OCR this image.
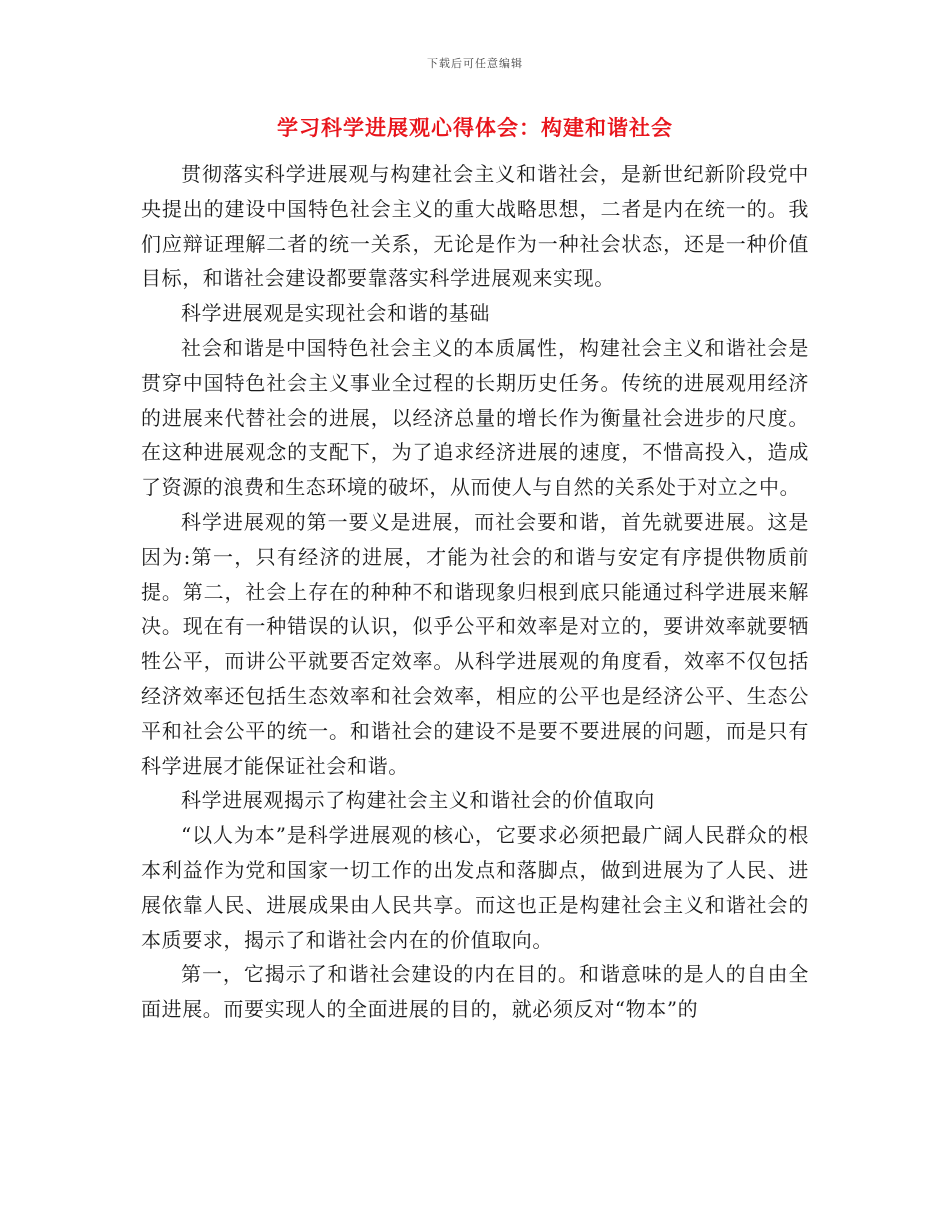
下载后可任意编辑
学习科学进展观心得体会：构建和谐社会

贯彻落实科学进展观与构建社会主义和谐社会，是新世纪新阶段党中央提出的建设中国特色社会主义的重大战略思想，二者是内在统一的。我们应辩证理解二者的统一关系，无论是作为一种社会状态，还是一种价值目标，和谐社会建设都要靠落实科学进展观来实现。

科学进展观是实现社会和谐的基础

社会和谐是中国特色社会主义的本质属性，构建社会主义和谐社会是贯穿中国特色社会主义事业全过程的长期历史任务。传统的进展观用经济的进展来代替社会的进展，以经济总量的增长作为衡量社会进步的尺度。在这种进展观念的支配下，为了追求经济进展的速度，不惜高投入，造成了资源的浪费和生态环境的破坏，从而使人与自然的关系处于对立之中。

科学进展观的第一要义是进展，而社会要和谐，首先就要进展。这是因为:第一，只有经济的进展，才能为社会的和谐与安定有序提供物质前提。第二，社会上存在的种种不和谐现象归根到底只能通过科学进展来解决。现在有一种错误的认识，似乎公平和效率是对立的，要讲效率就要牺牲公平，而讲公平就要否定效率。从科学进展观的角度看，效率不仅包括经济效率还包括生态效率和社会效率，相应的公平也是经济公平、生态公平和社会公平的统一。和谐社会的建设不是要不要进展的问题，而是只有科学进展才能保证社会和谐。

科学进展观揭示了构建社会主义和谐社会的价值取向

“以人为本”是科学进展观的核心，它要求必须把最广阔人民群众的根本利益作为党和国家一切工作的出发点和落脚点，做到进展为了人民、进展依靠人民、进展成果由人民共享。而这也正是构建社会主义和谐社会的本质要求，揭示了和谐社会内在的价值取向。

第一，它揭示了和谐社会建设的内在目的。和谐意味的是人的自由全面进展。而要实现人的全面进展的目的，就必须反对“物本”的
